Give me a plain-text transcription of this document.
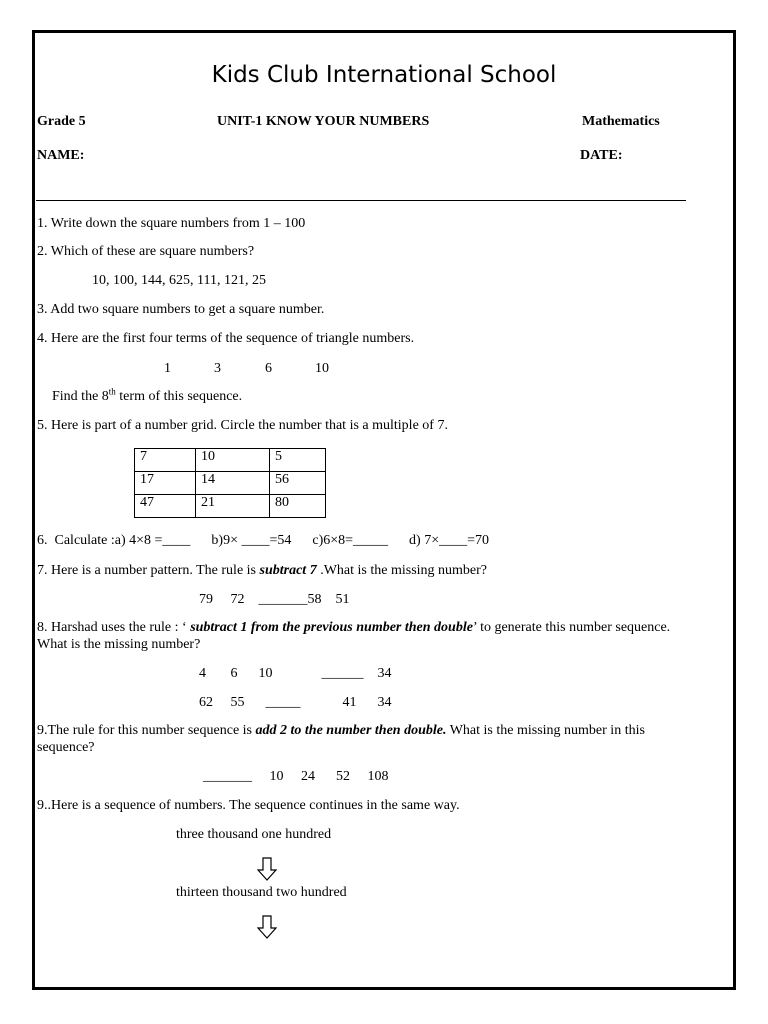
Kids Club International School
Grade 5	UNIT-1 KNOW YOUR NUMBERS	Mathematics
NAME:	DATE:
1. Write down the square numbers from 1 – 100
2. Which of these are square numbers?
10, 100, 144, 625, 111, 121, 25
3. Add two square numbers to get a square number.
4. Here are the first four terms of the sequence of triangle numbers.
1	3	6	10
Find the 8th term of this sequence.
5. Here is part of a number grid. Circle the number that is a multiple of 7.
7	10	5
17	14	56
47	21	80
6.  Calculate :a) 4×8 =____      b)9× ____=54      c)6×8=_____      d) 7×____=70
7. Here is a number pattern. The rule is subtract 7 .What is the missing number?
79     72    _______58    51
8. Harshad uses the rule : ‘ subtract 1 from the previous number then double’ to generate this number sequence.
What is the missing number?
4       6      10              ______    34
62     55      _____            41      34
9.The rule for this number sequence is add 2 to the number then double. What is the missing number in this
sequence?
_______     10     24      52     108
9..Here is a sequence of numbers. The sequence continues in the same way.
three thousand one hundred
thirteen thousand two hundred
